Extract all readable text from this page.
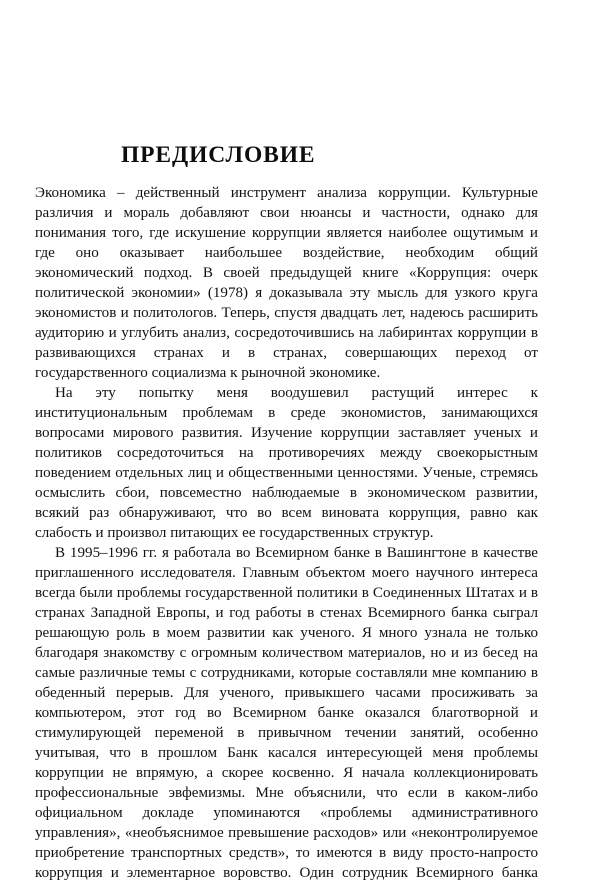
ПРЕДИСЛОВИЕ

Экономика – действенный инструмент анализа коррупции. Культурные различия и мораль добавляют свои нюансы и частности, однако для понимания того, где искушение коррупции является наиболее ощутимым и где оно оказывает наибольшее воздействие, необходим общий экономический подход. В своей предыдущей книге «Коррупция: очерк политической экономии» (1978) я доказывала эту мысль для узкого круга экономистов и политологов. Теперь, спустя двадцать лет, надеюсь расширить аудиторию и углубить анализ, сосредоточившись на лабиринтах коррупции в развивающихся странах и в странах, совершающих переход от государственного социализма к рыночной экономике.

На эту попытку меня воодушевил растущий интерес к институциональным проблемам в среде экономистов, занимающихся вопросами мирового развития. Изучение коррупции заставляет ученых и политиков сосредоточиться на противоречиях между своекорыстным поведением отдельных лиц и общественными ценностями. Ученые, стремясь осмыслить сбои, повсеместно наблюдаемые в экономическом развитии, всякий раз обнаруживают, что во всем виновата коррупция, равно как слабость и произвол питающих ее государственных структур.

В 1995–1996 гг. я работала во Всемирном банке в Вашингтоне в качестве приглашенного исследователя. Главным объектом моего научного интереса всегда были проблемы государственной политики в Соединенных Штатах и в странах Западной Европы, и год работы в стенах Всемирного банка сыграл решающую роль в моем развитии как ученого. Я много узнала не только благодаря знакомству с огромным количеством материалов, но и из бесед на самые различные темы с сотрудниками, которые составляли мне компанию в обеденный перерыв. Для ученого, привыкшего часами просиживать за компьютером, этот год во Всемирном банке оказался благотворной и стимулирующей переменой в привычном течении занятий, особенно учитывая, что в прошлом Банк касался интересующей меня проблемы коррупции не впрямую, а скорее косвенно. Я начала коллекционировать профессиональные эвфемизмы. Мне объяснили, что если в каком-либо официальном докладе упоминаются «проблемы административного управления», «необъяснимое превышение расходов» или «неконтролируемое приобретение транспортных средств», то имеются в виду просто-напросто коррупция и элементарное воровство. Один сотрудник Всемирного банка
